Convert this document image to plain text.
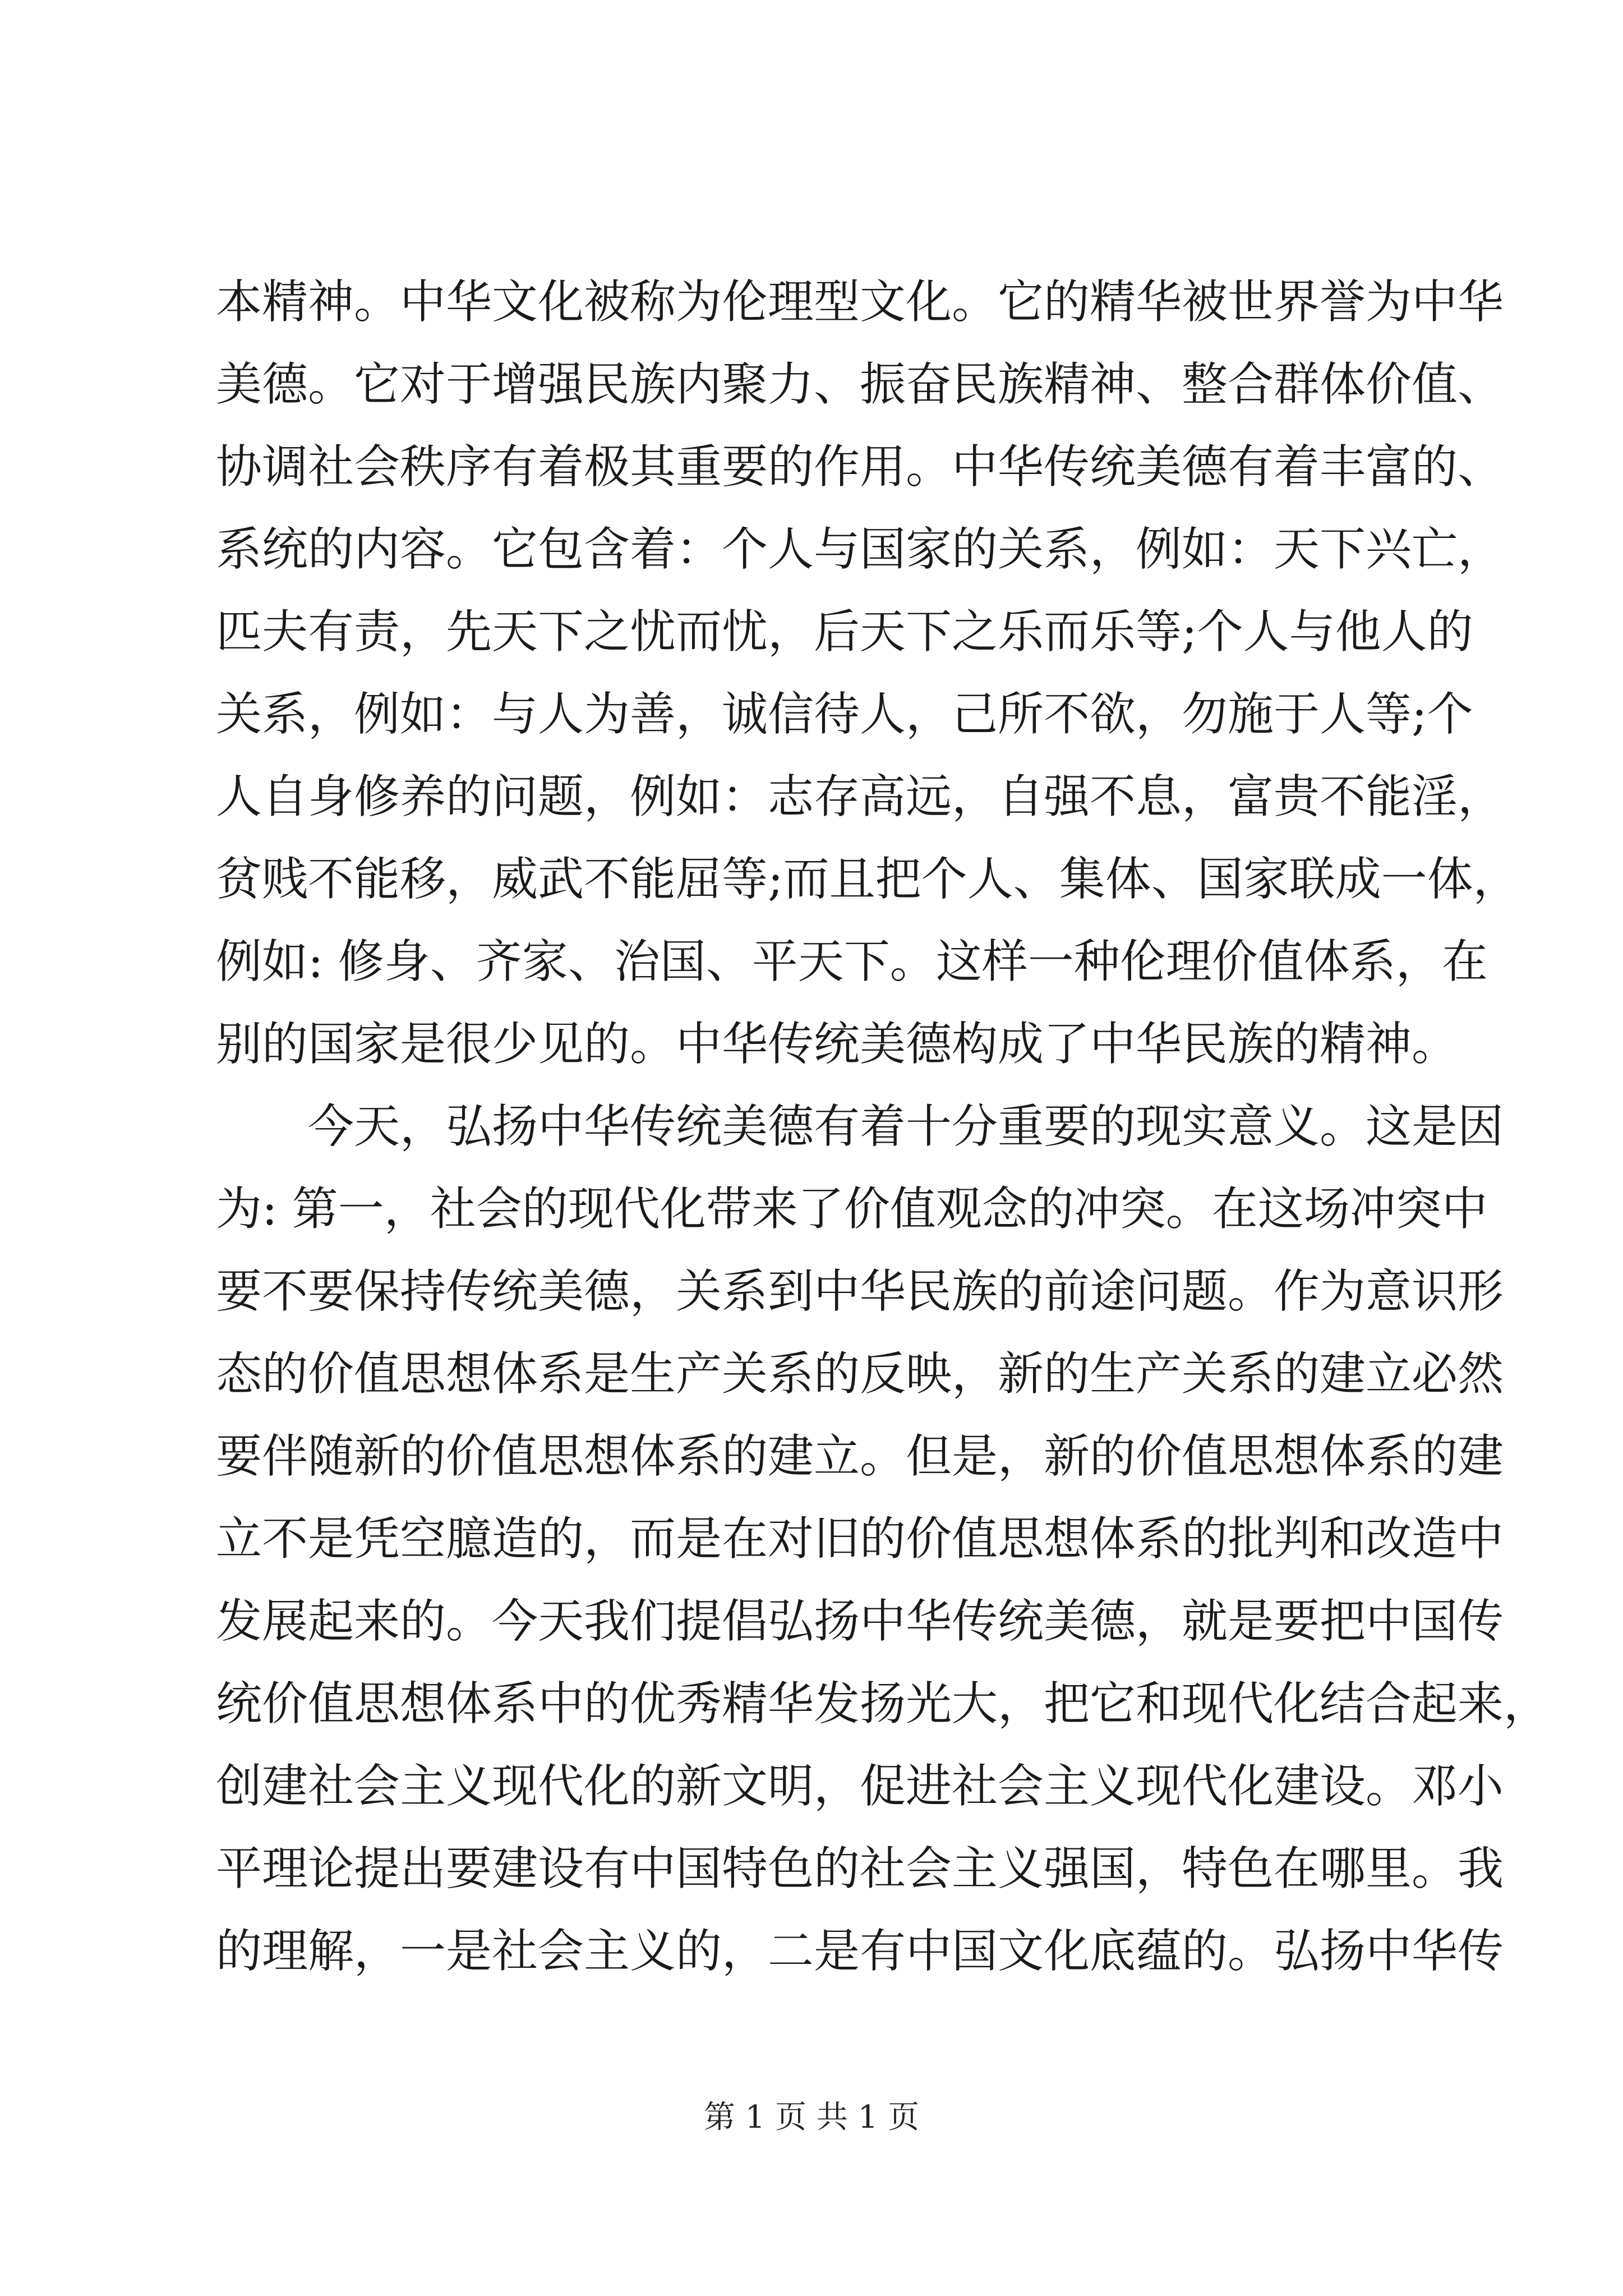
本精神。中华文化被称为伦理型文化。它的精华被世界誉为中华
美德。它对于增强民族内聚力、振奋民族精神、整合群体价值、
协调社会秩序有着极其重要的作用。中华传统美德有着丰富的、
系统的内容。它包含着：个人与国家的关系，例如：天下兴亡，
匹夫有责，先天下之忧而忧，后天下之乐而乐等;个人与他人的
关系，例如：与人为善，诚信待人，己所不欲，勿施于人等;个
人自身修养的问题，例如：志存高远，自强不息，富贵不能淫，
贫贱不能移，威武不能屈等;而且把个人、集体、国家联成一体，
例如: 修身、齐家、治国、平天下。这样一种伦理价值体系，在
别的国家是很少见的。中华传统美德构成了中华民族的精神。
今天，弘扬中华传统美德有着十分重要的现实意义。这是因
为: 第一，社会的现代化带来了价值观念的冲突。在这场冲突中
要不要保持传统美德，关系到中华民族的前途问题。作为意识形
态的价值思想体系是生产关系的反映，新的生产关系的建立必然
要伴随新的价值思想体系的建立。但是，新的价值思想体系的建
立不是凭空臆造的，而是在对旧的价值思想体系的批判和改造中
发展起来的。今天我们提倡弘扬中华传统美德，就是要把中国传
统价值思想体系中的优秀精华发扬光大，把它和现代化结合起来，
创建社会主义现代化的新文明，促进社会主义现代化建设。邓小
平理论提出要建设有中国特色的社会主义强国，特色在哪里。我
的理解，一是社会主义的，二是有中国文化底蕴的。弘扬中华传
第 1 页 共 1 页
